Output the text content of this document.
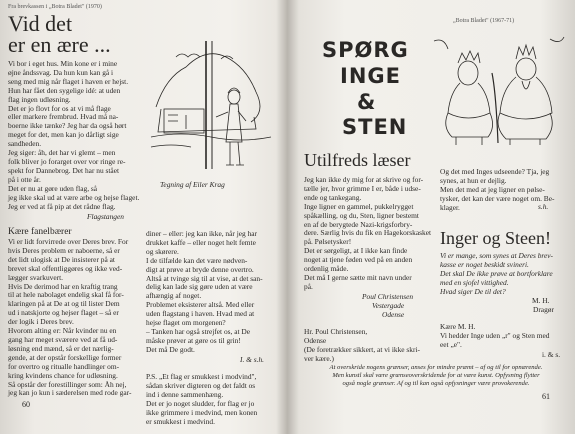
Fra brevkassen i „Botra Bladet" (1970)

Vid det

er en ære ...

Vi bor i eget hus. Min kone er i mine
øjne åndssvag. Da hun kun kan gå i
seng med mig når flaget i haven er hejst.
Hun har fået den sygelige idé: at uden
flag ingen udløsning.
Det er jo flovt for os at vi må flage
eller markere frembrud. Hvad må na-
boerne ikke tænke? Jeg har da også hørt
meget for det, men kan jo dårligt sige
sandheden.
Jeg siger: åh, det har vi glemt – men
folk bliver jo forarget over vor ringe re-
spekt for Dannebrog. Det har nu stået
på i otte år.
Det er nu at gøre uden flag, så
jeg ikke skal ud at være arbe og hejse flaget.
Jeg er ved at få pip at det rådne flag.

Flagstangen

Kære fanelbærer

Vi er lidt forvirrede over Deres brev. For
hvis Deres problem er naboerne, så er
det lidt ulogisk at De insisterer på at
brevet skal offentliggøres og ikke ved-
lægger svarkuvert.
Hvis De derimod har en kraftig trang
til at hele nabolaget endelig skal få for-
klaringen på at De at og til lister Dem
ud i natskjorte og hejser flaget – så er
der logik i Deres brev.
Hvorom alting er: Når kvinder nu en
gang har meget sværere ved at få ud-
løsning end mænd, så er det nærlig-
gende, at der opstår forskellige former
for overtro og ritualle handlinger om-
kring kvindens chance for udløsning.
Så opstår der forestillinger som: Åh nej,
jeg kan jo kun i sæderelsen med rode gar-

Tegning af Eiler Krag

diner – eller: jeg kan ikke, når jeg har
drukket kaffe – eller noget helt femte
og skørere.
I de tilfælde kan det være nødven-
digt at prøve at bryde denne overtro.
Altså at tvinge sig til at vise, at det san-
delig kan lade sig gøre uden at være
afhængig af noget.
Problemet eksisterer altså. Med eller
uden flagstang i haven. Hvad med at
hejse flaget om morgenen?
– Tanken har også strejfet os, at De
måske prøver at gøre os til grin!
Det må De godt.

I. & s.h.

P.S. „Et flag er smukkest i modvind",
sådan skriver digteren og det faldt os
ind i denne sammenhæng.
Det er jo noget sludder, for flag er jo
ikke grimmere i medvind, men konen
er smukkest i medvind.

60

„Botra Bladet" (1967-71)

SPØRG

INGE

&

STEN

Utilfreds læser

Jeg kan ikke dy mig for at skrive og for-
tælle jer, hvor grimme I er, både i udse-
ende og tankegang.
Inge ligner en gammel, pukkelrygget
spåkælling, og du, Sten, ligner bestemt
en af de berygtede Nazi-krigsforbry-
dere. Særlig hvis du fik en Hagekorskasket
på. Pølsetysker!
Det er sørgeligt, at I ikke kan finde
noget at tjene føden ved på en anden
ordenlig måde.
Det må I gerne sætte mit navn under
på.

Poul Christensen

Vestergade

Odense

Hr. Poul Christensen,
Odense
(De foretrækker sikkert, at vi ikke skri-
ver kære.)

Og det med Inges udseende? Tja, jeg
synes, at hun er dejlig.
Men det med at jeg ligner en pølse-
tysker, det kan der være noget om. Be-
klager.	s.h.

Inger og Steen!

Vi er mange, som synes at Deres brev-
kasse er noget beskidt svineri.
Det skal De ikke prøve at bortforklare
med en sjofel vittighed.
Hvad siger De til det?

M. H.

Dragør

Kære M. H.

Vi hedder Inge uden „r" og Sten med
eet „e".

i. & s.

At overskride nogens grænser, anses for mindre præmt – af og til for opnærende.
Men kunstl skal være grænseoverskridende for at være kunst. Opfysning flytter
også nogle grænser. Af og til kan også opfysninger være provokerende.

61
